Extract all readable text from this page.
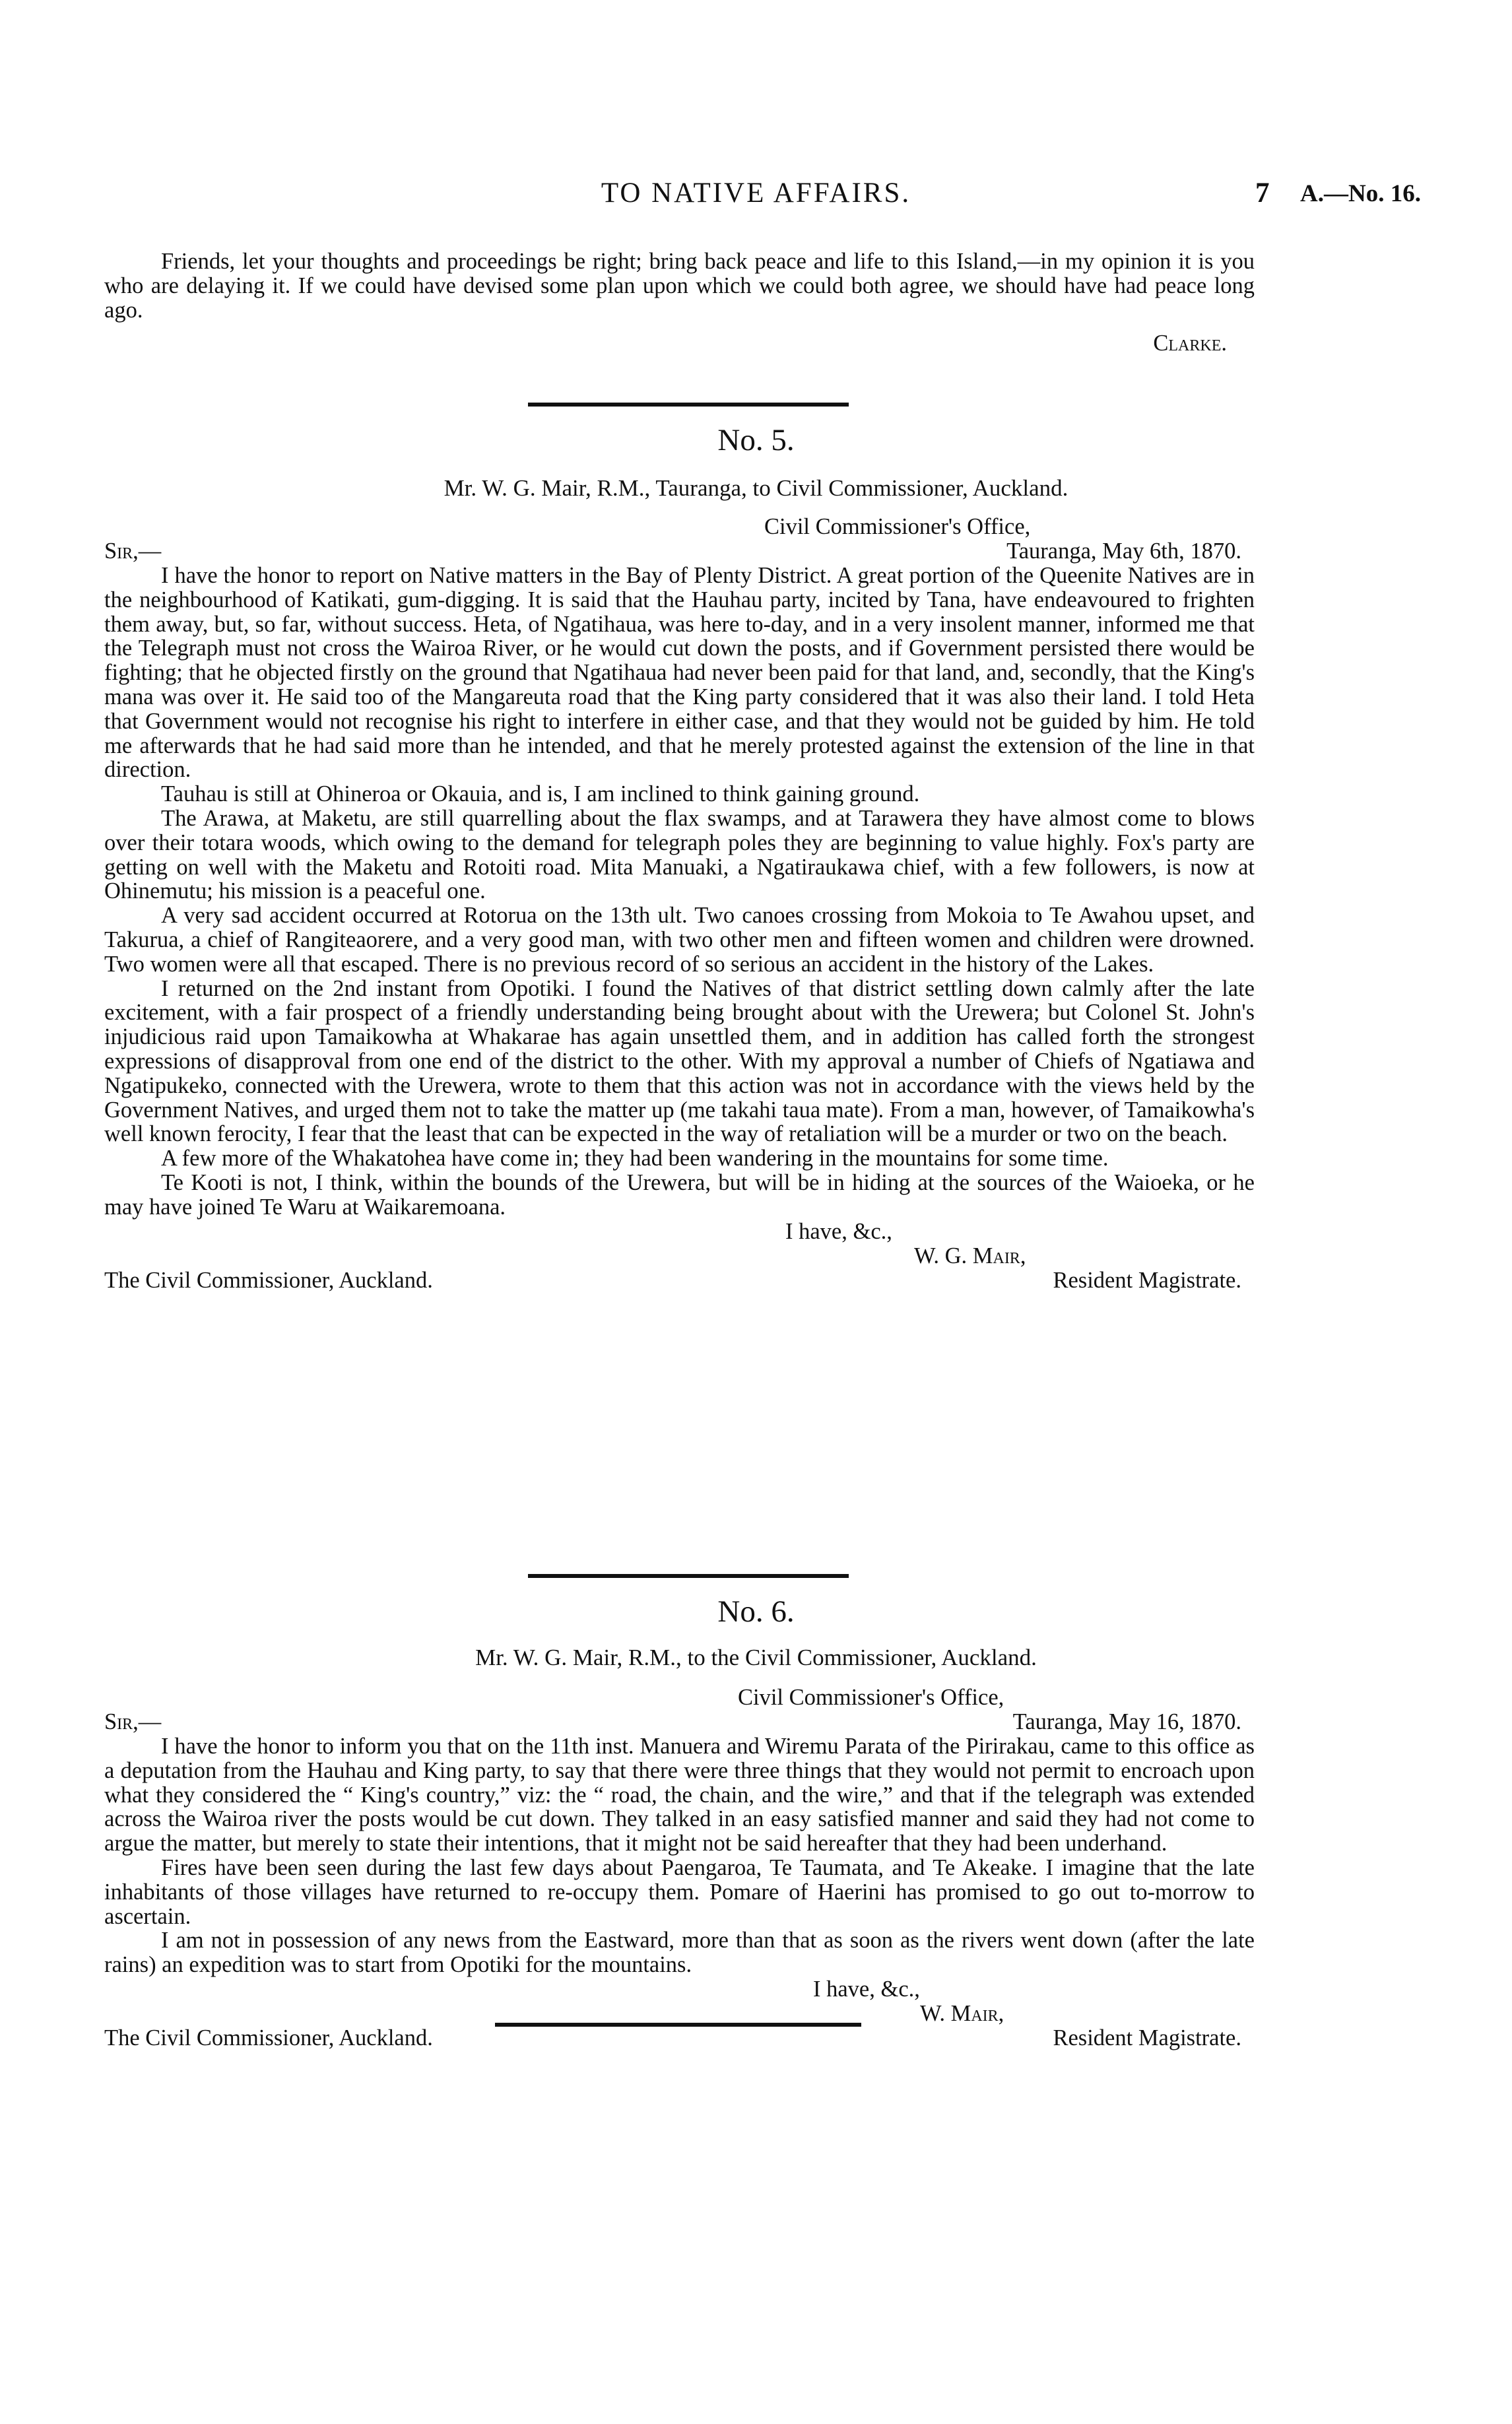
TO NATIVE AFFAIRS.	7 A.—No. 16.

Friends, let your thoughts and proceedings be right; bring back peace and life to this Island,—in my opinion it is you who are delaying it. If we could have devised some plan upon which we could both agree, we should have had peace long ago.

Clarke.
No. 5.
Mr. W. G. Mair, R.M., Tauranga, to Civil Commissioner, Auckland.
Civil Commissioner's Office,
Sir,—	Tauranga, May 6th, 1870.

I have the honor to report on Native matters in the Bay of Plenty District. A great portion of the Queenite Natives are in the neighbourhood of Katikati, gum-digging. It is said that the Hauhau party, incited by Tana, have endeavoured to frighten them away, but, so far, without success. Heta, of Ngatihaua, was here to-day, and in a very insolent manner, informed me that the Telegraph must not cross the Wairoa River, or he would cut down the posts, and if Government persisted there would be fighting; that he objected firstly on the ground that Ngatihaua had never been paid for that land, and, secondly, that the King's mana was over it. He said too of the Mangareuta road that the King party considered that it was also their land. I told Heta that Government would not recognise his right to interfere in either case, and that they would not be guided by him. He told me afterwards that he had said more than he intended, and that he merely protested against the extension of the line in that direction.

Tauhau is still at Ohineroa or Okauia, and is, I am inclined to think gaining ground.

The Arawa, at Maketu, are still quarrelling about the flax swamps, and at Tarawera they have almost come to blows over their totara woods, which owing to the demand for telegraph poles they are beginning to value highly. Fox's party are getting on well with the Maketu and Rotoiti road. Mita Manuaki, a Ngatiraukawa chief, with a few followers, is now at Ohinemutu; his mission is a peaceful one.

A very sad accident occurred at Rotorua on the 13th ult. Two canoes crossing from Mokoia to Te Awahou upset, and Takurua, a chief of Rangiteaorere, and a very good man, with two other men and fifteen women and children were drowned. Two women were all that escaped. There is no previous record of so serious an accident in the history of the Lakes.

I returned on the 2nd instant from Opotiki. I found the Natives of that district settling down calmly after the late excitement, with a fair prospect of a friendly understanding being brought about with the Urewera; but Colonel St. John's injudicious raid upon Tamaikowha at Whakarae has again unsettled them, and in addition has called forth the strongest expressions of disapproval from one end of the district to the other. With my approval a number of Chiefs of Ngatiawa and Ngatipukeko, connected with the Urewera, wrote to them that this action was not in accordance with the views held by the Government Natives, and urged them not to take the matter up (me takahi taua mate). From a man, however, of Tamaikowha's well known ferocity, I fear that the least that can be expected in the way of retaliation will be a murder or two on the beach.

A few more of the Whakatohea have come in; they had been wandering in the mountains for some time.

Te Kooti is not, I think, within the bounds of the Urewera, but will be in hiding at the sources of the Waioeka, or he may have joined Te Waru at Waikaremoana.

I have, &c.,
W. G. Mair,
The Civil Commissioner, Auckland.	Resident Magistrate.
No. 6.
Mr. W. G. Mair, R.M., to the Civil Commissioner, Auckland.
Civil Commissioner's Office,
Sir,—	Tauranga, May 16, 1870.

I have the honor to inform you that on the 11th inst. Manuera and Wiremu Parata of the Pirirakau, came to this office as a deputation from the Hauhau and King party, to say that there were three things that they would not permit to encroach upon what they considered the “ King's country,” viz: the “ road, the chain, and the wire,” and that if the telegraph was extended across the Wairoa river the posts would be cut down. They talked in an easy satisfied manner and said they had not come to argue the matter, but merely to state their intentions, that it might not be said hereafter that they had been underhand.

Fires have been seen during the last few days about Paengaroa, Te Taumata, and Te Akeake. I imagine that the late inhabitants of those villages have returned to re-occupy them. Pomare of Haerini has promised to go out to-morrow to ascertain.

I am not in possession of any news from the Eastward, more than that as soon as the rivers went down (after the late rains) an expedition was to start from Opotiki for the mountains.

I have, &c.,
W. Mair,
The Civil Commissioner, Auckland.	Resident Magistrate.
